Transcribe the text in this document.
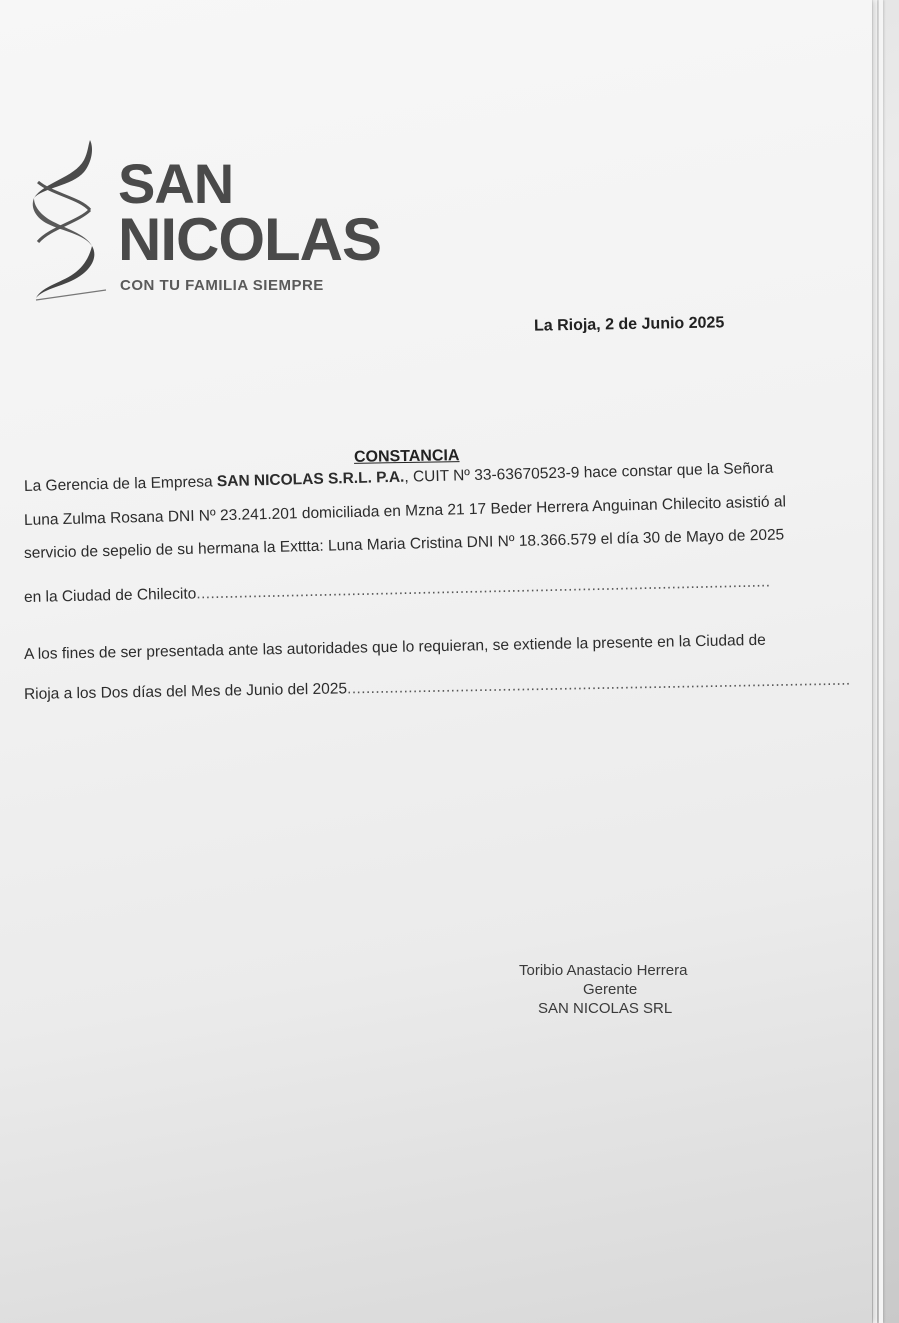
SAN
NICOLAS
CON TU FAMILIA SIEMPRE
La Rioja, 2 de Junio 2025
CONSTANCIA
La Gerencia de la Empresa SAN NICOLAS S.R.L. P.A., CUIT Nº 33-63670523-9 hace constar que la Señora
Luna Zulma Rosana DNI Nº 23.241.201 domiciliada en Mzna 21 17 Beder Herrera Anguinan Chilecito asistió al
servicio de sepelio de su hermana la Exttta: Luna Maria Cristina DNI Nº 18.366.579 el día 30 de Mayo de 2025
en la Ciudad de Chilecito..........................................................................................................................
A los fines de ser presentada ante las autoridades que lo requieran, se extiende la presente en la Ciudad de
Rioja a los Dos días del Mes de Junio del 2025...........................................................................................................
Toribio Anastacio Herrera
Gerente
SAN NICOLAS SRL
